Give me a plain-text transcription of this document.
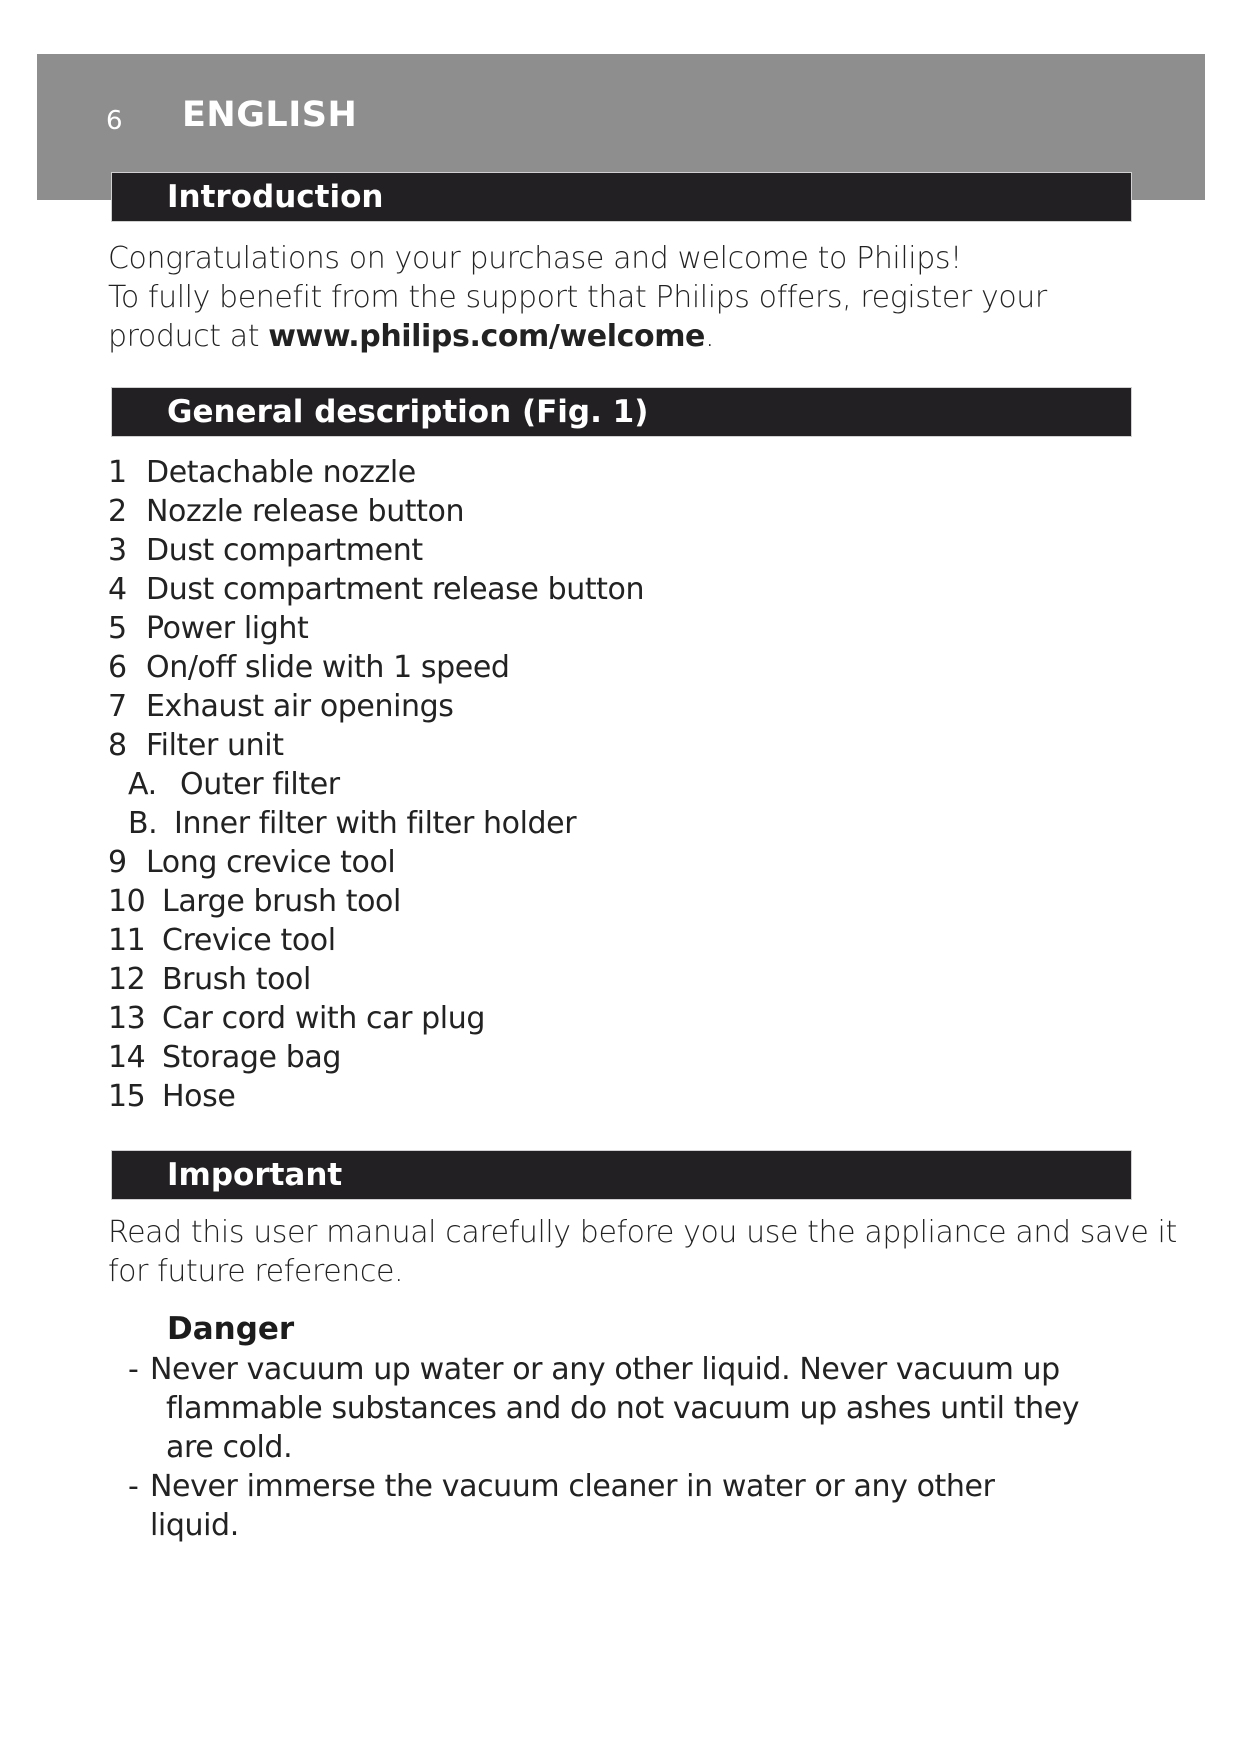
6 ENGLISH
Introduction
Congratulations on your purchase and welcome to Philips!
To fully benefit from the support that Philips offers, register your
product at www.philips.com/welcome.
General description (Fig. 1)
1 Detachable nozzle
2 Nozzle release button
3 Dust compartment
4 Dust compartment release button
5 Power light
6 On/off slide with 1 speed
7 Exhaust air openings
8 Filter unit
A. Outer filter
B. Inner filter with filter holder
9 Long crevice tool
10 Large brush tool
11 Crevice tool
12 Brush tool
13 Car cord with car plug
14 Storage bag
15 Hose
Important
Read this user manual carefully before you use the appliance and save it
for future reference.
Danger
- Never vacuum up water or any other liquid. Never vacuum up
flammable substances and do not vacuum up ashes until they
are cold.
- Never immerse the vacuum cleaner in water or any other liquid.
